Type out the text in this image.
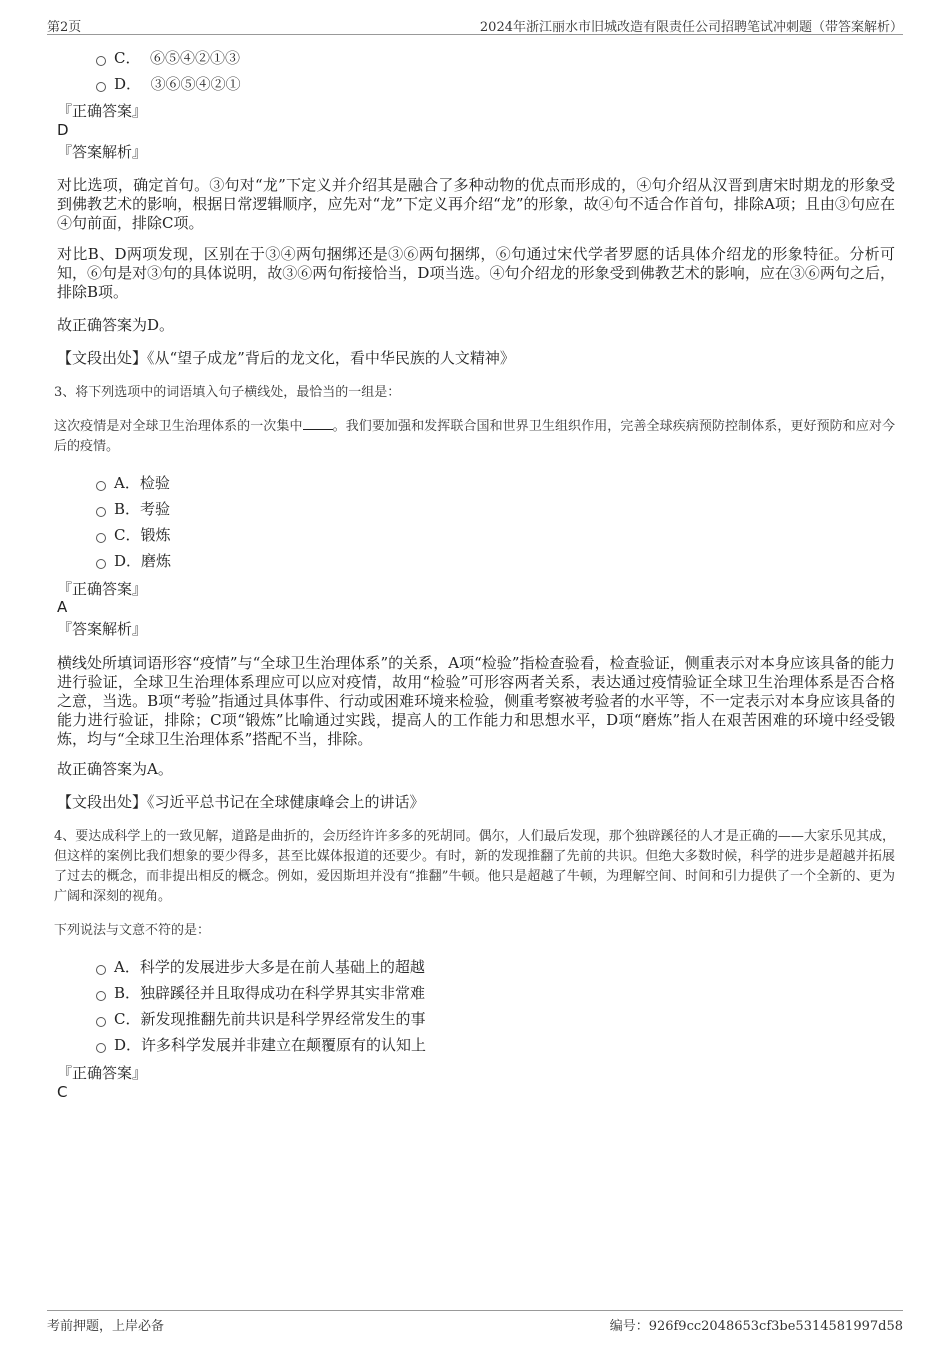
第2页	2024年浙江丽水市旧城改造有限责任公司招聘笔试冲刺题（带答案解析）
C． ⑥⑤④②①③
D． ③⑥⑤④②①
『正确答案』
D
『答案解析』
对比选项，确定首句。③句对“龙”下定义并介绍其是融合了多种动物的优点而形成的，④句介绍从汉晋到唐宋时期龙的形象受到佛教艺术的影响，根据日常逻辑顺序，应先对“龙”下定义再介绍“龙”的形象，故④句不适合作首句，排除A项；且由③句应在④句前面，排除C项。
对比B、D两项发现，区别在于③④两句捆绑还是③⑥两句捆绑，⑥句通过宋代学者罗愿的话具体介绍龙的形象特征。分析可知，⑥句是对③句的具体说明，故③⑥两句衔接恰当，D项当选。④句介绍龙的形象受到佛教艺术的影响，应在③⑥两句之后，排除B项。
故正确答案为D。
【文段出处】《从“望子成龙”背后的龙文化，看中华民族的人文精神》
3、将下列选项中的词语填入句子横线处，最恰当的一组是：
这次疫情是对全球卫生治理体系的一次集中 。我们要加强和发挥联合国和世界卫生组织作用，完善全球疾病预防控制体系，更好预防和应对今后的疫情。
A．检验
B．考验
C．锻炼
D．磨炼
『正确答案』
A
『答案解析』
横线处所填词语形容“疫情”与“全球卫生治理体系”的关系，A项“检验”指检查验看，检查验证，侧重表示对本身应该具备的能力进行验证，全球卫生治理体系理应可以应对疫情，故用“检验”可形容两者关系，表达通过疫情验证全球卫生治理体系是否合格之意，当选。B项“考验”指通过具体事件、行动或困难环境来检验，侧重考察被考验者的水平等，不一定表示对本身应该具备的能力进行验证，排除；C项“锻炼”比喻通过实践，提高人的工作能力和思想水平，D项“磨炼”指人在艰苦困难的环境中经受锻炼，均与“全球卫生治理体系”搭配不当，排除。
故正确答案为A。
【文段出处】《习近平总书记在全球健康峰会上的讲话》
4、要达成科学上的一致见解，道路是曲折的，会历经许许多多的死胡同。偶尔，人们最后发现，那个独辟蹊径的人才是正确的——大家乐见其成，但这样的案例比我们想象的要少得多，甚至比媒体报道的还要少。有时，新的发现推翻了先前的共识。但绝大多数时候，科学的进步是超越并拓展了过去的概念，而非提出相反的概念。例如，爱因斯坦并没有“推翻”牛顿。他只是超越了牛顿，为理解空间、时间和引力提供了一个全新的、更为广阔和深刻的视角。
下列说法与文意不符的是：
A．科学的发展进步大多是在前人基础上的超越
B．独辟蹊径并且取得成功在科学界其实非常难
C．新发现推翻先前共识是科学界经常发生的事
D．许多科学发展并非建立在颠覆原有的认知上
『正确答案』
C
考前押题，上岸必备	编号：926f9cc2048653cf3be5314581997d58
